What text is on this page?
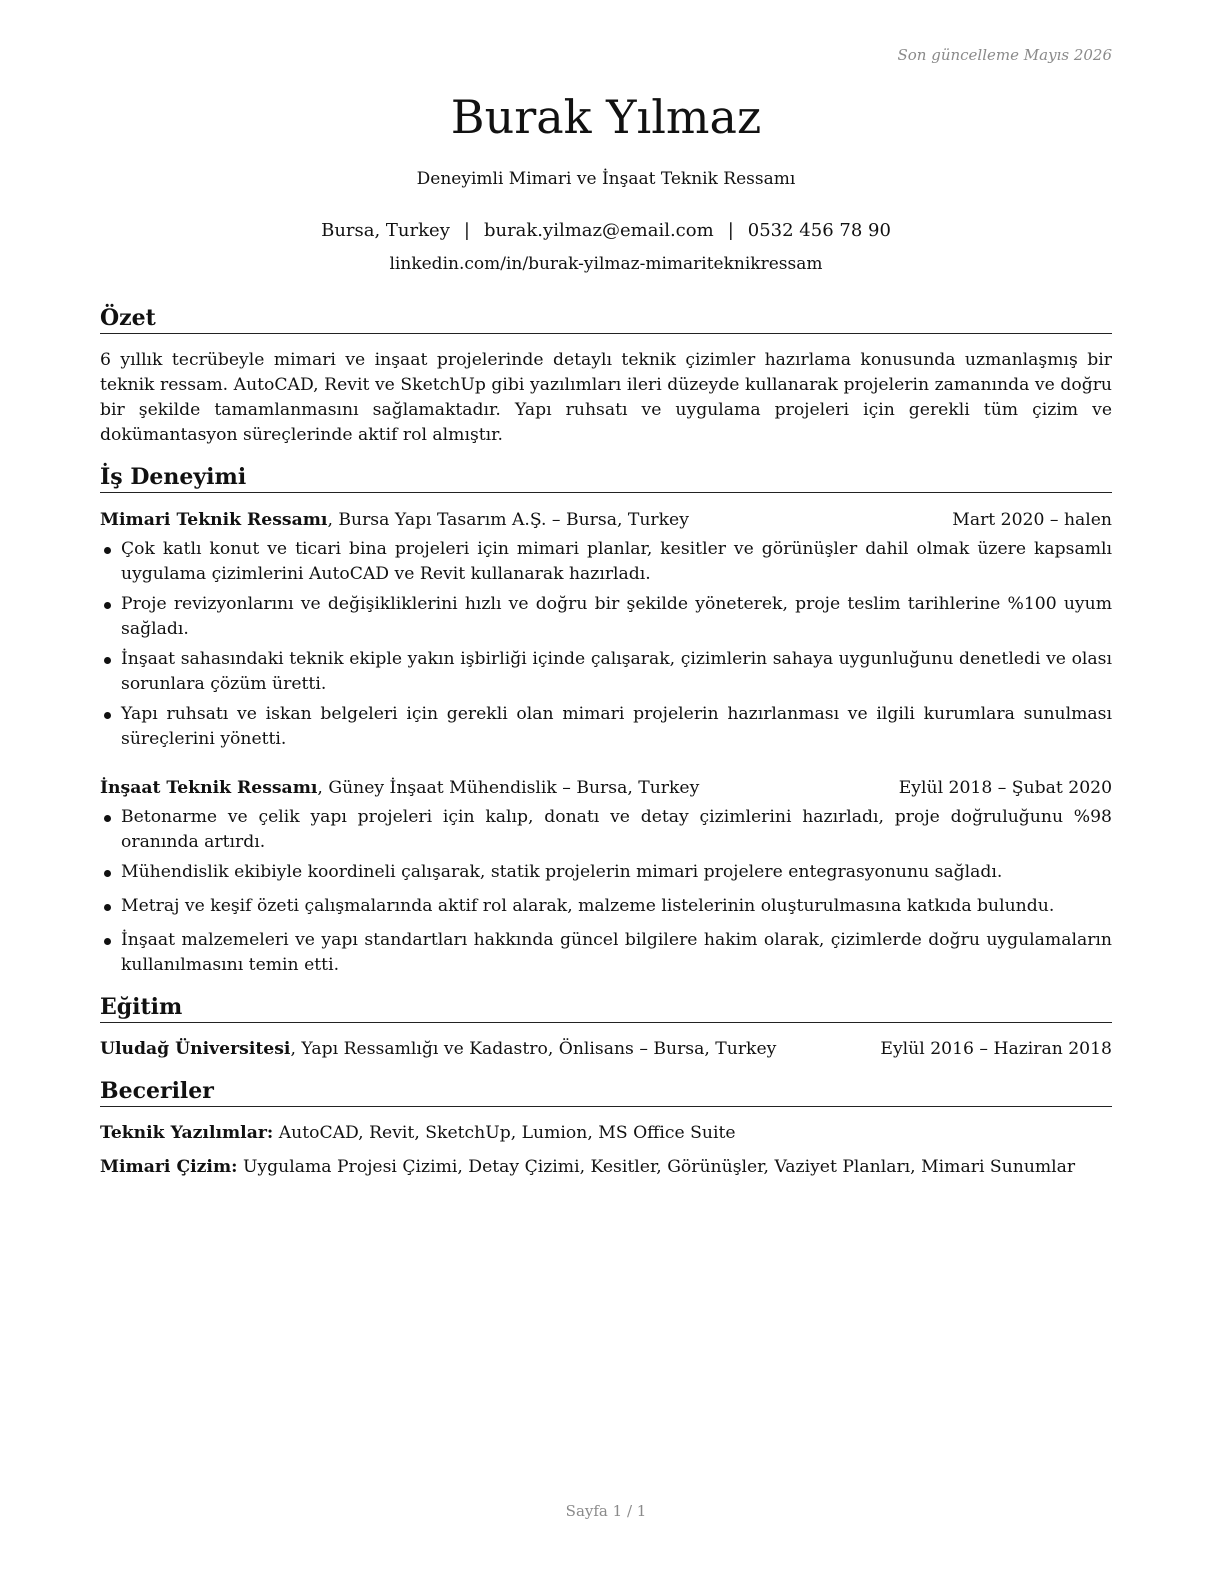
Son güncelleme Mayıs 2026
Burak Yılmaz
Deneyimli Mimari ve İnşaat Teknik Ressamı
Bursa, Turkey | burak.yilmaz@email.com | 0532 456 78 90
linkedin.com/in/burak-yilmaz-mimariteknikressam
Özet
6 yıllık tecrübeyle mimari ve inşaat projelerinde detaylı teknik çizimler hazırlama konusunda uzmanlaşmış bir teknik ressam. AutoCAD, Revit ve SketchUp gibi yazılımları ileri düzeyde kullanarak projelerin zamanında ve doğru bir şekilde tamamlanmasını sağlamaktadır. Yapı ruhsatı ve uygulama projeleri için gerekli tüm çizim ve dokümantasyon süreçlerinde aktif rol almıştır.
İş Deneyimi
Mimari Teknik Ressamı, Bursa Yapı Tasarım A.Ş. – Bursa, Turkey	Mart 2020 – halen
Çok katlı konut ve ticari bina projeleri için mimari planlar, kesitler ve görünüşler dahil olmak üzere kapsamlı uygulama çizimlerini AutoCAD ve Revit kullanarak hazırladı.
Proje revizyonlarını ve değişikliklerini hızlı ve doğru bir şekilde yöneterek, proje teslim tarihlerine %100 uyum sağladı.
İnşaat sahasındaki teknik ekiple yakın işbirliği içinde çalışarak, çizimlerin sahaya uygunluğunu denetledi ve olası sorunlara çözüm üretti.
Yapı ruhsatı ve iskan belgeleri için gerekli olan mimari projelerin hazırlanması ve ilgili kurumlara sunulması süreçlerini yönetti.
İnşaat Teknik Ressamı, Güney İnşaat Mühendislik – Bursa, Turkey	Eylül 2018 – Şubat 2020
Betonarme ve çelik yapı projeleri için kalıp, donatı ve detay çizimlerini hazırladı, proje doğruluğunu %98 oranında artırdı.
Mühendislik ekibiyle koordineli çalışarak, statik projelerin mimari projelere entegrasyonunu sağladı.
Metraj ve keşif özeti çalışmalarında aktif rol alarak, malzeme listelerinin oluşturulmasına katkıda bulundu.
İnşaat malzemeleri ve yapı standartları hakkında güncel bilgilere hakim olarak, çizimlerde doğru uygulamaların kullanılmasını temin etti.
Eğitim
Uludağ Üniversitesi, Yapı Ressamlığı ve Kadastro, Önlisans – Bursa, Turkey	Eylül 2016 – Haziran 2018
Beceriler
Teknik Yazılımlar: AutoCAD, Revit, SketchUp, Lumion, MS Office Suite
Mimari Çizim: Uygulama Projesi Çizimi, Detay Çizimi, Kesitler, Görünüşler, Vaziyet Planları, Mimari Sunumlar
Sayfa 1 / 1
